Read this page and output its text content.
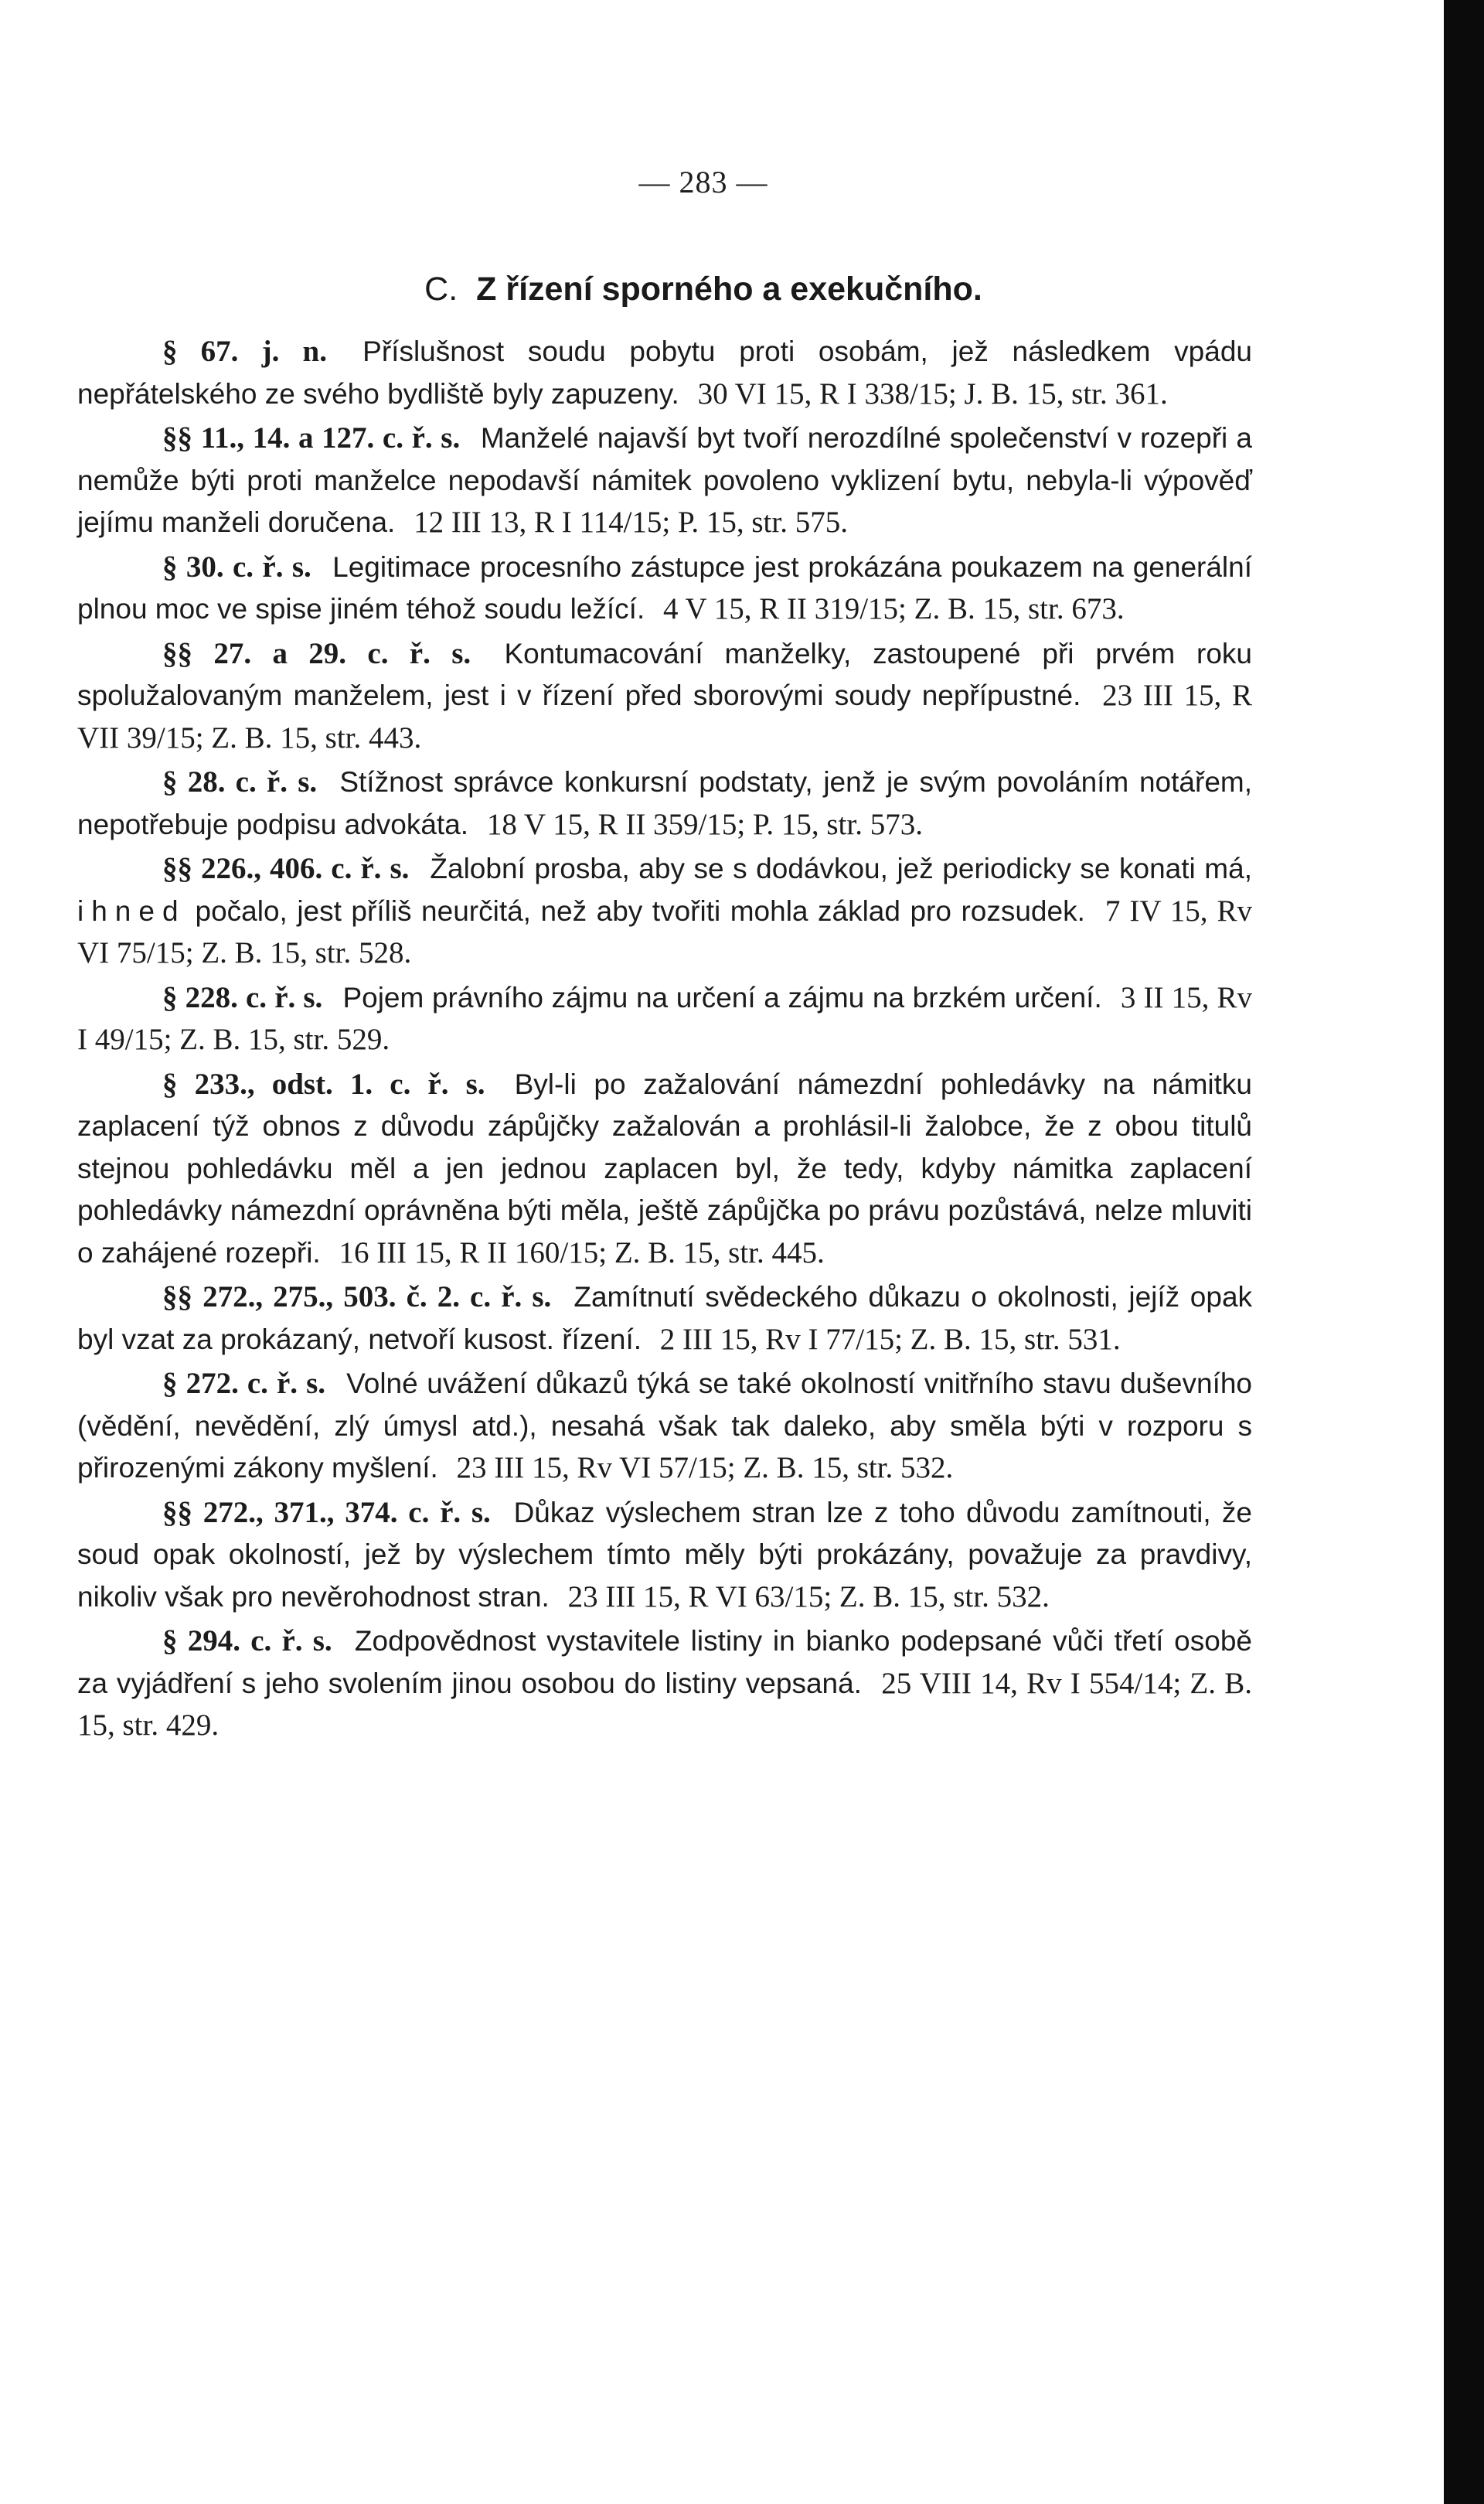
— 283 —
C. Z řízení sporného a exekučního.

§ 67. j. n. Příslušnost soudu pobytu proti osobám, jež následkem vpádu nepřátelského ze svého bydliště byly zapuzeny. 30 VI 15, R I 338/15; J. B. 15, str. 361.

§§ 11., 14. a 127. c. ř. s. Manželé najavší byt tvoří nerozdílné společenství v rozepři a nemůže býti proti manželce nepodavší námitek povoleno vyklizení bytu, nebyla-li výpověď jejímu manželi doručena. 12 III 13, R I 114/15; P. 15, str. 575.

§ 30. c. ř. s. Legitimace procesního zástupce jest prokázána poukazem na generální plnou moc ve spise jiném téhož soudu ležící. 4 V 15, R II 319/15; Z. B. 15, str. 673.

§§ 27. a 29. c. ř. s. Kontumacování manželky, zastoupené při prvém roku spolužalovaným manželem, jest i v řízení před sborovými soudy nepřípustné. 23 III 15, R VII 39/15; Z. B. 15, str. 443.

§ 28. c. ř. s. Stížnost správce konkursní podstaty, jenž je svým povoláním notářem, nepotřebuje podpisu advokáta. 18 V 15, R II 359/15; P. 15, str. 573.

§§ 226., 406. c. ř. s. Žalobní prosba, aby se s dodávkou, jež periodicky se konati má, ihned počalo, jest příliš neurčitá, než aby tvořiti mohla základ pro rozsudek. 7 IV 15, Rv VI 75/15; Z. B. 15, str. 528.

§ 228. c. ř. s. Pojem právního zájmu na určení a zájmu na brzkém určení. 3 II 15, Rv I 49/15; Z. B. 15, str. 529.

§ 233., odst. 1. c. ř. s. Byl-li po zažalování námezdní pohledávky na námitku zaplacení týž obnos z důvodu zápůjčky zažalován a prohlásil-li žalobce, že z obou titulů stejnou pohledávku měl a jen jednou zaplacen byl, že tedy, kdyby námitka zaplacení pohledávky námezdní oprávněna býti měla, ještě zápůjčka po právu pozůstává, nelze mluviti o zahájené rozepři. 16 III 15, R II 160/15; Z. B. 15, str. 445.

§§ 272., 275., 503. č. 2. c. ř. s. Zamítnutí svědeckého důkazu o okolnosti, jejíž opak byl vzat za prokázaný, netvoří kusost. řízení. 2 III 15, Rv I 77/15; Z. B. 15, str. 531.

§ 272. c. ř. s. Volné uvážení důkazů týká se také okolností vnitřního stavu duševního (vědění, nevědění, zlý úmysl atd.), nesahá však tak daleko, aby směla býti v rozporu s přirozenými zákony myšlení. 23 III 15, Rv VI 57/15; Z. B. 15, str. 532.

§§ 272., 371., 374. c. ř. s. Důkaz výslechem stran lze z toho důvodu zamítnouti, že soud opak okolností, jež by výslechem tímto měly býti prokázány, považuje za pravdivy, nikoliv však pro nevěrohodnost stran. 23 III 15, R VI 63/15; Z. B. 15, str. 532.

§ 294. c. ř. s. Zodpovědnost vystavitele listiny in bianko podepsané vůči třetí osobě za vyjádření s jeho svolením jinou osobou do listiny vepsaná. 25 VIII 14, Rv I 554/14; Z. B. 15, str. 429.
